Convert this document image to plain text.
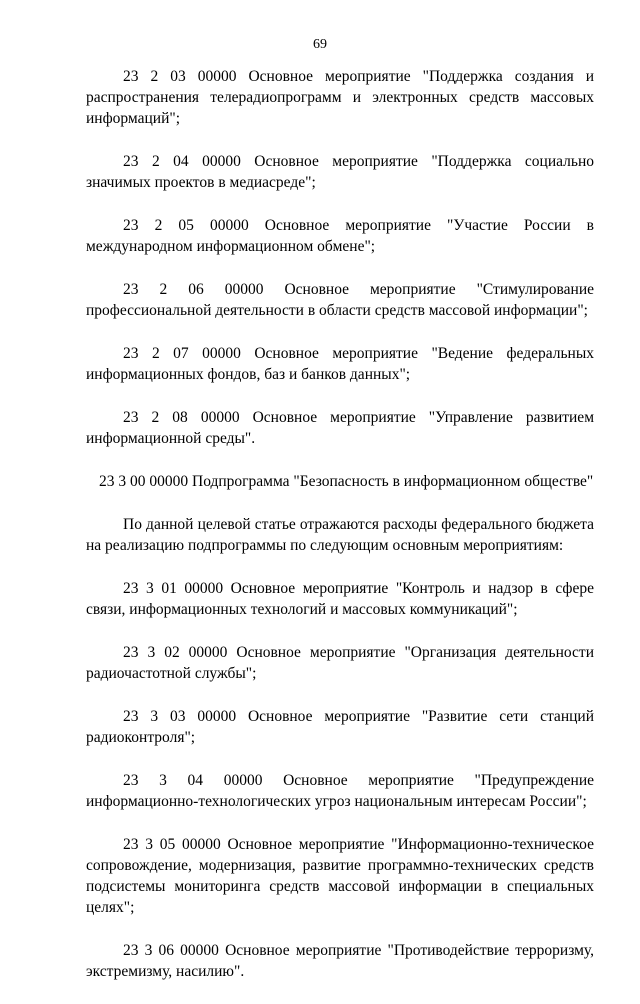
69

23 2 03 00000 Основное мероприятие "Поддержка создания и распространения телерадиопрограмм и электронных средств массовых информаций";

23 2 04 00000 Основное мероприятие "Поддержка социально значимых проектов в медиасреде";

23 2 05 00000 Основное мероприятие "Участие России в международном информационном обмене";

23 2 06 00000 Основное мероприятие "Стимулирование профессиональной деятельности в области средств массовой информации";

23 2 07 00000 Основное мероприятие "Ведение федеральных информационных фондов, баз и банков данных";

23 2 08 00000 Основное мероприятие "Управление развитием информационной среды".

23 3 00 00000 Подпрограмма "Безопасность в информационном обществе"

По данной целевой статье отражаются расходы федерального бюджета на реализацию подпрограммы по следующим основным мероприятиям:

23 3 01 00000 Основное мероприятие "Контроль и надзор в сфере связи, информационных технологий и массовых коммуникаций";

23 3 02 00000 Основное мероприятие "Организация деятельности радиочастотной службы";

23 3 03 00000 Основное мероприятие "Развитие сети станций радиоконтроля";

23 3 04 00000 Основное мероприятие "Предупреждение информационно-технологических угроз национальным интересам России";

23 3 05 00000 Основное мероприятие "Информационно-техническое сопровождение, модернизация, развитие программно-технических средств подсистемы мониторинга средств массовой информации в специальных целях";

23 3 06 00000 Основное мероприятие "Противодействие терроризму, экстремизму, насилию".
